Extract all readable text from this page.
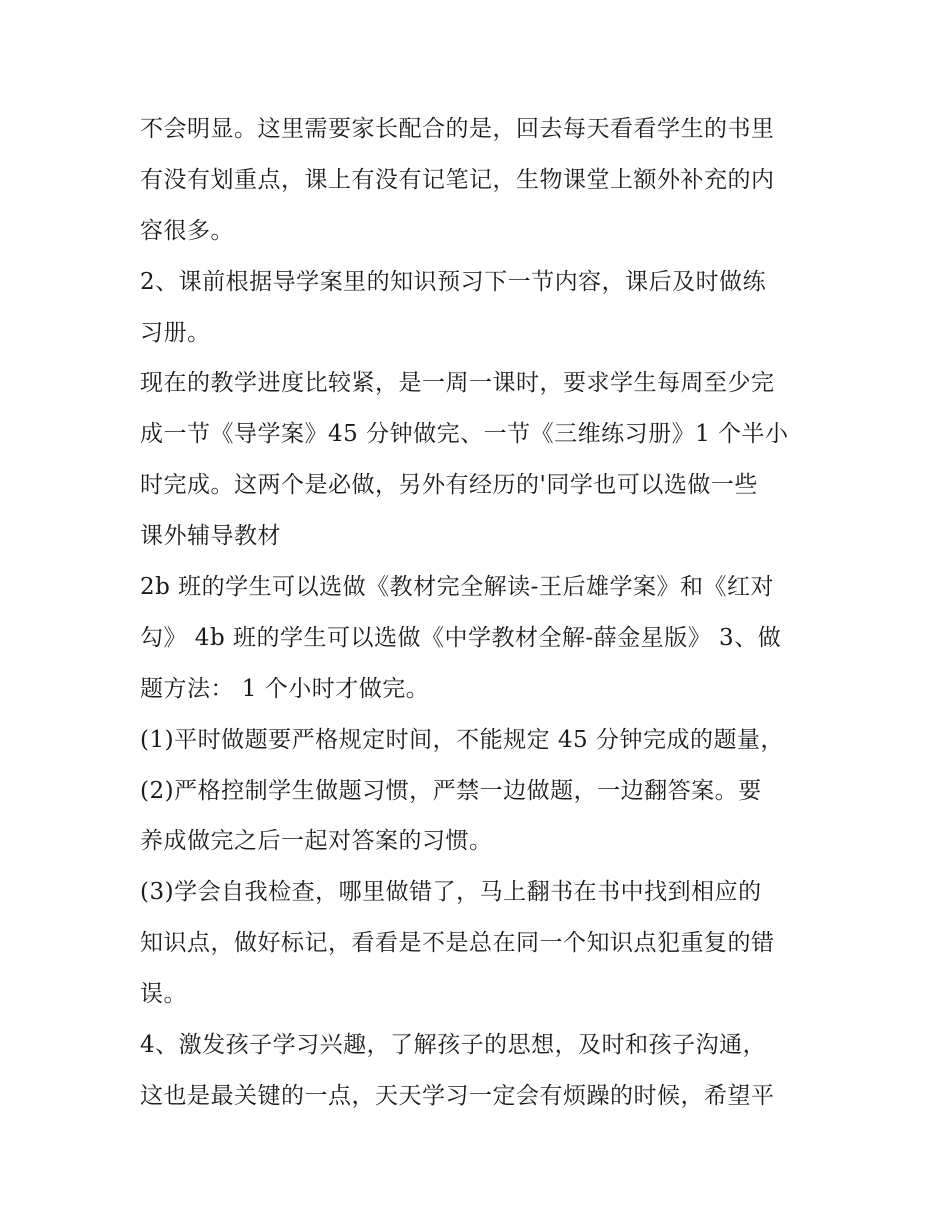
不会明显。这里需要家长配合的是，回去每天看看学生的书里

有没有划重点，课上有没有记笔记，生物课堂上额外补充的内

容很多。

2、课前根据导学案里的知识预习下一节内容，课后及时做练

习册。

现在的教学进度比较紧，是一周一课时，要求学生每周至少完

成一节《导学案》45 分钟做完、一节《三维练习册》1 个半小

时完成。这两个是必做，另外有经历的'同学也可以选做一些

课外辅导教材

2b 班的学生可以选做《教材完全解读-王后雄学案》和《红对

勾》 4b 班的学生可以选做《中学教材全解-薛金星版》 3、做

题方法： 1 个小时才做完。

(1)平时做题要严格规定时间，不能规定 45 分钟完成的题量，

(2)严格控制学生做题习惯，严禁一边做题，一边翻答案。要

养成做完之后一起对答案的习惯。

(3)学会自我检查，哪里做错了，马上翻书在书中找到相应的

知识点，做好标记，看看是不是总在同一个知识点犯重复的错

误。

4、激发孩子学习兴趣，了解孩子的思想，及时和孩子沟通，

这也是最关键的一点，天天学习一定会有烦躁的时候，希望平
